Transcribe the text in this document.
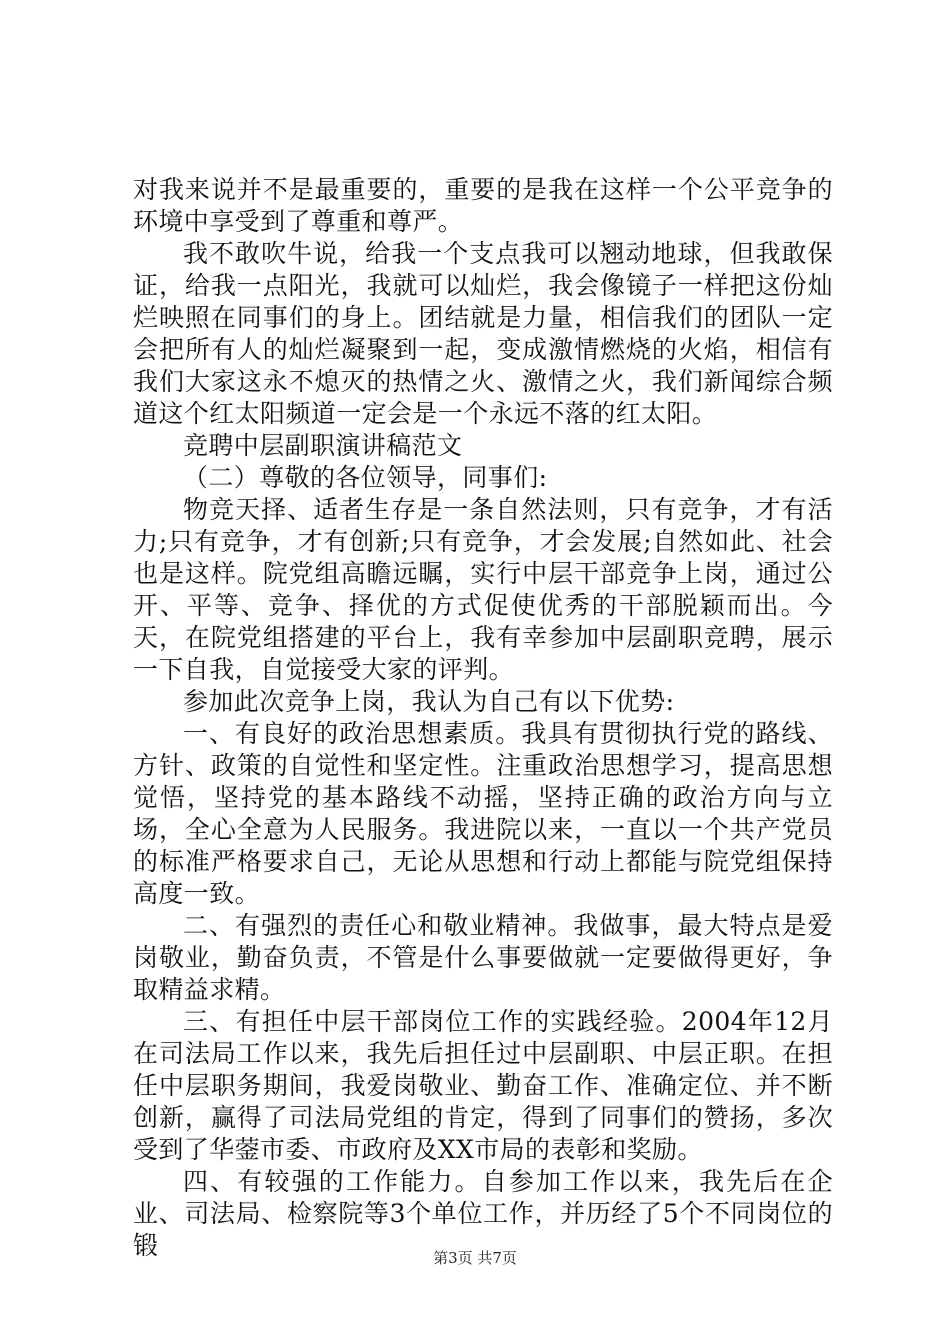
对我来说并不是最重要的，重要的是我在这样一个公平竞争的环境中享受到了尊重和尊严。

我不敢吹牛说，给我一个支点我可以翘动地球，但我敢保证，给我一点阳光，我就可以灿烂，我会像镜子一样把这份灿烂映照在同事们的身上。团结就是力量，相信我们的团队一定会把所有人的灿烂凝聚到一起，变成激情燃烧的火焰，相信有我们大家这永不熄灭的热情之火、激情之火，我们新闻综合频道这个红太阳频道一定会是一个永远不落的红太阳。

竞聘中层副职演讲稿范文

（二）尊敬的各位领导，同事们:

物竞天择、适者生存是一条自然法则，只有竞争，才有活力;只有竞争，才有创新;只有竞争，才会发展;自然如此、社会也是这样。院党组高瞻远瞩，实行中层干部竞争上岗，通过公开、平等、竞争、择优的方式促使优秀的干部脱颖而出。今天，在院党组搭建的平台上，我有幸参加中层副职竞聘，展示一下自我，自觉接受大家的评判。

参加此次竞争上岗，我认为自己有以下优势:

一、有良好的政治思想素质。我具有贯彻执行党的路线、方针、政策的自觉性和坚定性。注重政治思想学习，提高思想觉悟，坚持党的基本路线不动摇，坚持正确的政治方向与立场，全心全意为人民服务。我进院以来，一直以一个共产党员的标准严格要求自己，无论从思想和行动上都能与院党组保持高度一致。

二、有强烈的责任心和敬业精神。我做事，最大特点是爱岗敬业，勤奋负责，不管是什么事要做就一定要做得更好，争取精益求精。

三、有担任中层干部岗位工作的实践经验。2004年12月在司法局工作以来，我先后担任过中层副职、中层正职。在担任中层职务期间，我爱岗敬业、勤奋工作、准确定位、并不断创新，赢得了司法局党组的肯定，得到了同事们的赞扬，多次受到了华蓥市委、市政府及XX市局的表彰和奖励。

四、有较强的工作能力。自参加工作以来，我先后在企业、司法局、检察院等3个单位工作，并历经了5个不同岗位的锻	第3页 共7页
